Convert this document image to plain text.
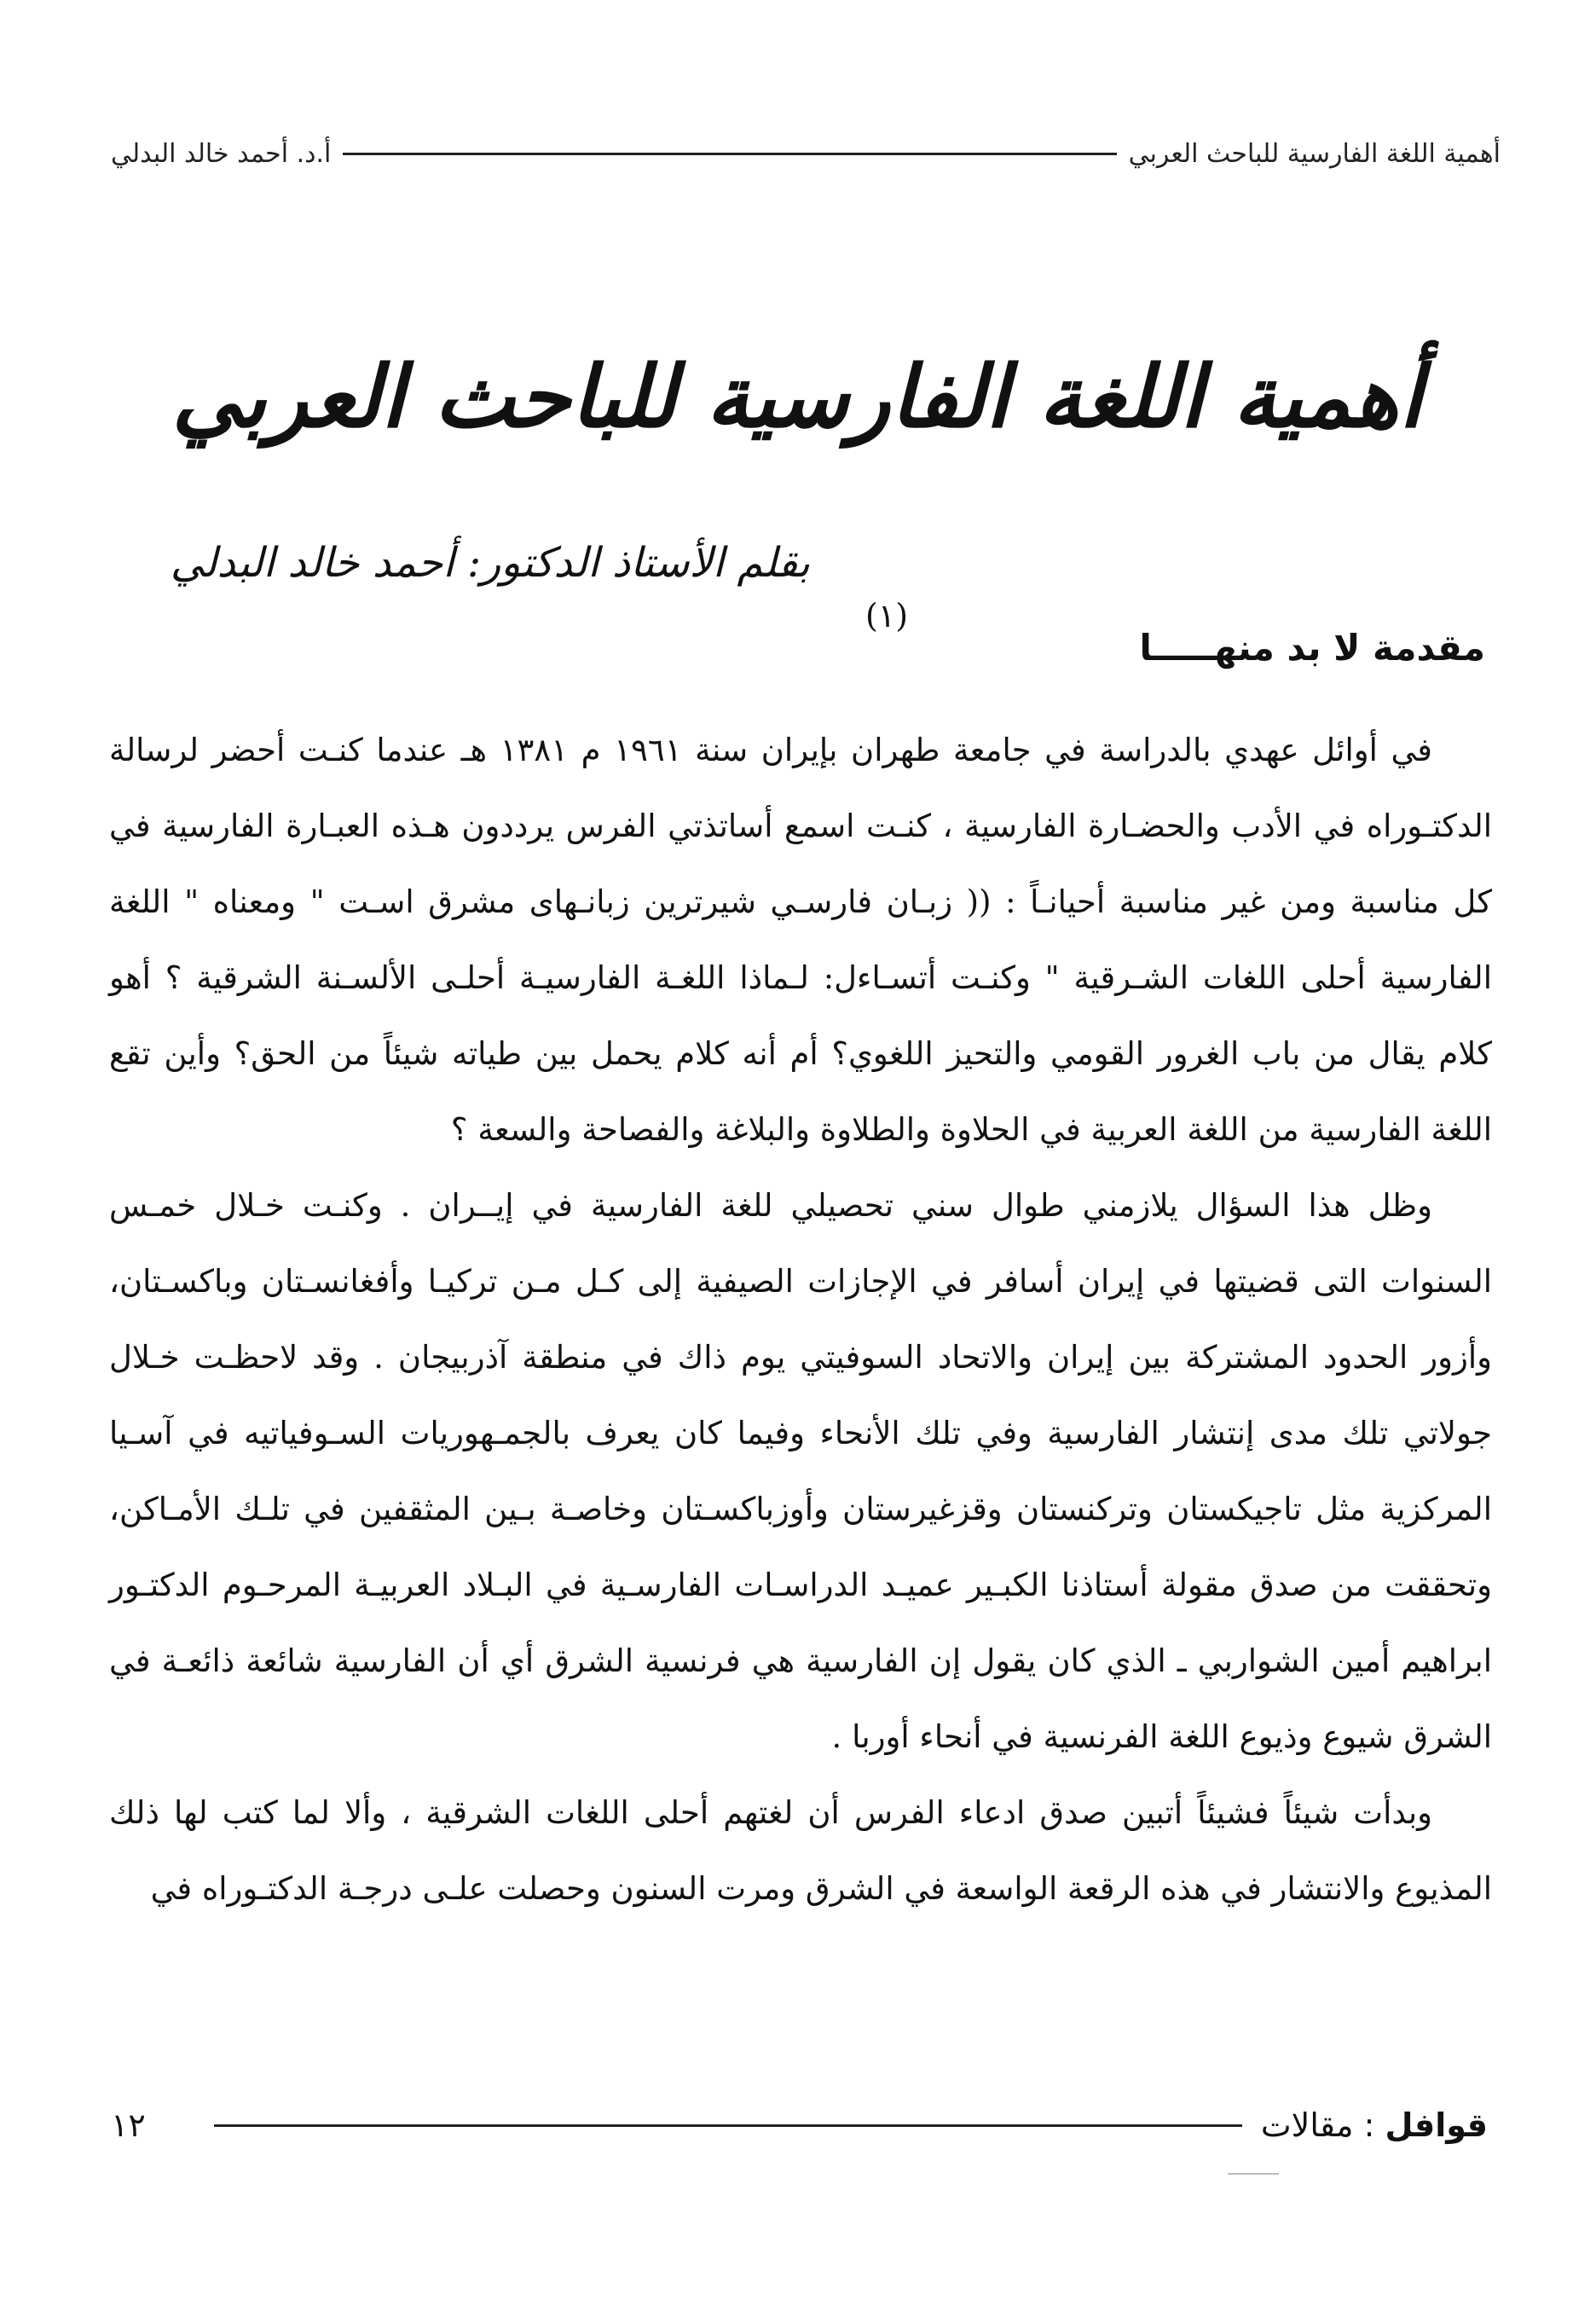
أهمية اللغة الفارسية للباحث العربي
أ.د. أحمد خالد البدلي
أهمية اللغة الفارسية للباحث العربي
بقلم الأستاذ الدكتور: أحمد خالد البدلي
(١)
مقدمة لا بد منهـــــا

في أوائل عهدي بالدراسة في جامعة طهران بإيران سنة ١٩٦١ م ١٣٨١ هـ عندما كنـت أحضر لرسالة الدكتـوراه في الأدب والحضـارة الفارسية ، كنـت اسمع أساتذتي الفرس يرددون هـذه العبـارة الفارسية في كل مناسبة ومن غير مناسبة أحيانـاً : (( زبـان فارسـي شيرترين زبانـهاى مشرق اسـت " ومعناه " اللغة الفارسية أحلى اللغات الشـرقية " وكنـت أتسـاءل: لـماذا اللغـة الفارسيـة أحلـى الألسـنة الشرقية ؟ أهو كلام يقال من باب الغرور القومي والتحيز اللغوي؟ أم أنه كلام يحمل بين طياته شيئاً من الحق؟ وأين تقع اللغة الفارسية من اللغة العربية في الحلاوة والطلاوة والبلاغة والفصاحة والسعة ؟

وظل هذا السؤال يلازمني طوال سني تحصيلي للغة الفارسية في إيــران . وكنـت خـلال خمـس السنوات التى قضيتها في إيران أسافر في الإجازات الصيفية إلى كـل مـن تركيـا وأفغانسـتان وباكسـتان، وأزور الحدود المشتركة بين إيران والاتحاد السوفيتي يوم ذاك في منطقة آذربيجان . وقد لاحظـت خـلال جولاتي تلك مدى إنتشار الفارسية وفي تلك الأنحاء وفيما كان يعرف بالجمـهوريات السـوفياتيه في آسـيا المركزية مثل تاجيكستان وتركنستان وقزغيرستان وأوزباكسـتان وخاصـة بـين المثقفين في تلـك الأمـاكن، وتحققت من صدق مقولة أستاذنا الكبـير عميـد الدراسـات الفارسـية في البـلاد العربيـة المرحـوم الدكتـور ابراهيم أمين الشواربي ـ الذي كان يقول إن الفارسية هي فرنسية الشرق أي أن الفارسية شائعة ذائعـة في الشرق شيوع وذيوع اللغة الفرنسية في أنحاء أوربا .

وبدأت شيئاً فشيئاً أتبين صدق ادعاء الفرس أن لغتهم أحلى اللغات الشرقية ، وألا لما كتب لها ذلك المذيوع والانتشار في هذه الرقعة الواسعة في الشرق ومرت السنون وحصلت علـى درجـة الدكتـوراه في

قوافل : مقالات
١٢
